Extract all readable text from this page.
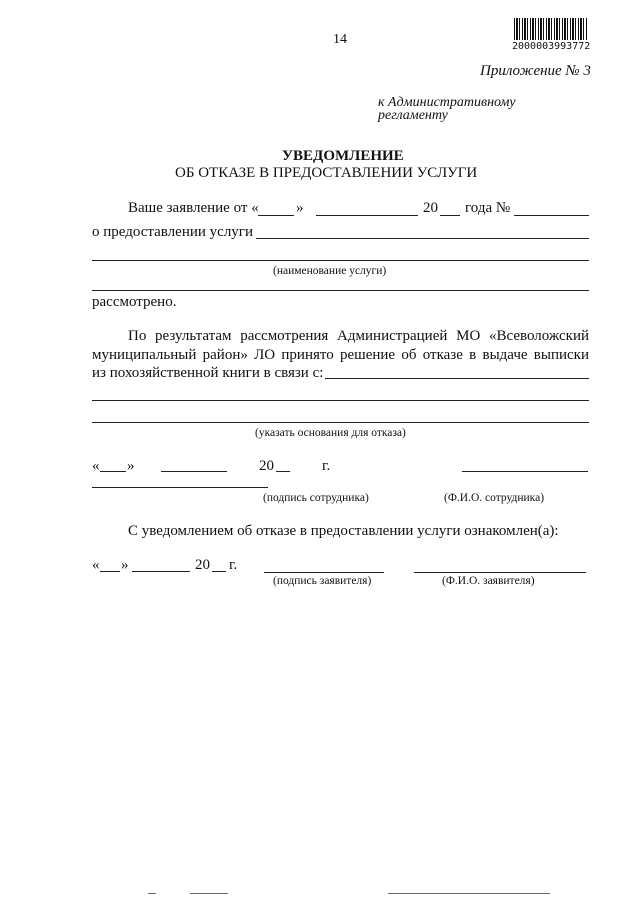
14	2000003993772
Приложение № 3
к Административному
регламенту
УВЕДОМЛЕНИЕ
ОБ ОТКАЗЕ В ПРЕДОСТАВЛЕНИИ УСЛУГИ
Ваше заявление от « »	20 года №
о предоставлении услуги
(наименование услуги)
рассмотрено.
По результатам рассмотрения Администрацией МО «Всеволожский
муниципальный район» ЛО принято решение об отказе в выдаче выписки
из похозяйственной книги в связи с:
(указать основания для отказа)
« »	20	г.
(подпись сотрудника)	(Ф.И.О. сотрудника)
С уведомлением об отказе в предоставлении услуги ознакомлен(а):
« »	20 г.
(подпись заявителя)	(Ф.И.О. заявителя)
